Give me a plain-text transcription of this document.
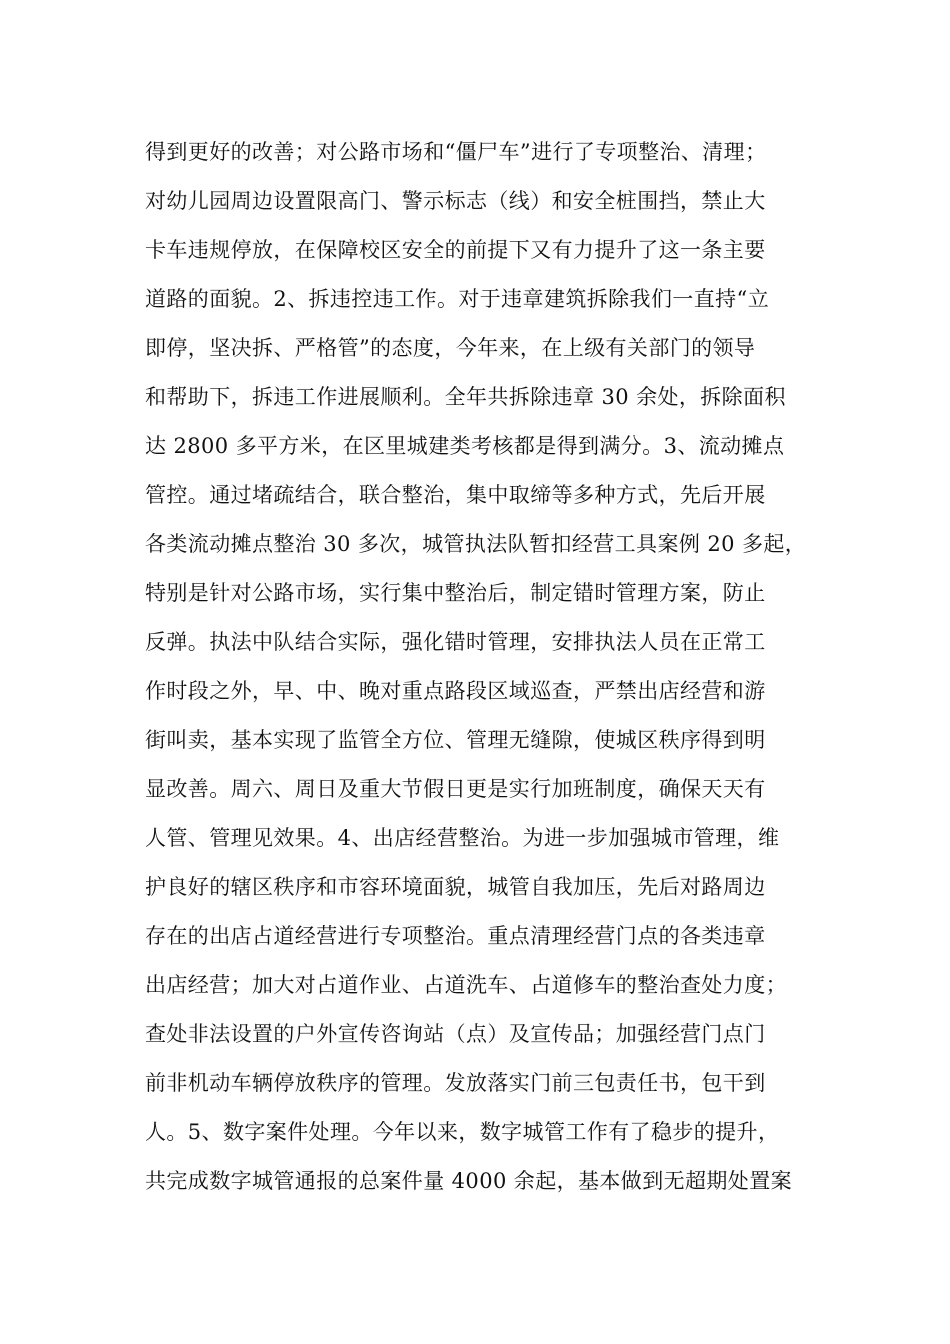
得到更好的改善；对公路市场和“僵尸车”进行了专项整治、清理；
对幼儿园周边设置限高门、警示标志（线）和安全桩围挡，禁止大
卡车违规停放，在保障校区安全的前提下又有力提升了这一条主要
道路的面貌。2、拆违控违工作。对于违章建筑拆除我们一直持“立
即停，坚决拆、严格管”的态度，今年来，在上级有关部门的领导
和帮助下，拆违工作进展顺利。全年共拆除违章 30 余处，拆除面积
达 2800 多平方米，在区里城建类考核都是得到满分。3、流动摊点
管控。通过堵疏结合，联合整治，集中取缔等多种方式，先后开展
各类流动摊点整治 30 多次，城管执法队暂扣经营工具案例 20 多起，
特别是针对公路市场，实行集中整治后，制定错时管理方案，防止
反弹。执法中队结合实际，强化错时管理，安排执法人员在正常工
作时段之外，早、中、晚对重点路段区域巡查，严禁出店经营和游
街叫卖，基本实现了监管全方位、管理无缝隙，使城区秩序得到明
显改善。周六、周日及重大节假日更是实行加班制度，确保天天有
人管、管理见效果。4、出店经营整治。为进一步加强城市管理，维
护良好的辖区秩序和市容环境面貌，城管自我加压，先后对路周边
存在的出店占道经营进行专项整治。重点清理经营门点的各类违章
出店经营；加大对占道作业、占道洗车、占道修车的整治查处力度；
查处非法设置的户外宣传咨询站（点）及宣传品；加强经营门点门
前非机动车辆停放秩序的管理。发放落实门前三包责任书，包干到
人。5、数字案件处理。今年以来，数字城管工作有了稳步的提升，
共完成数字城管通报的总案件量 4000 余起，基本做到无超期处置案
